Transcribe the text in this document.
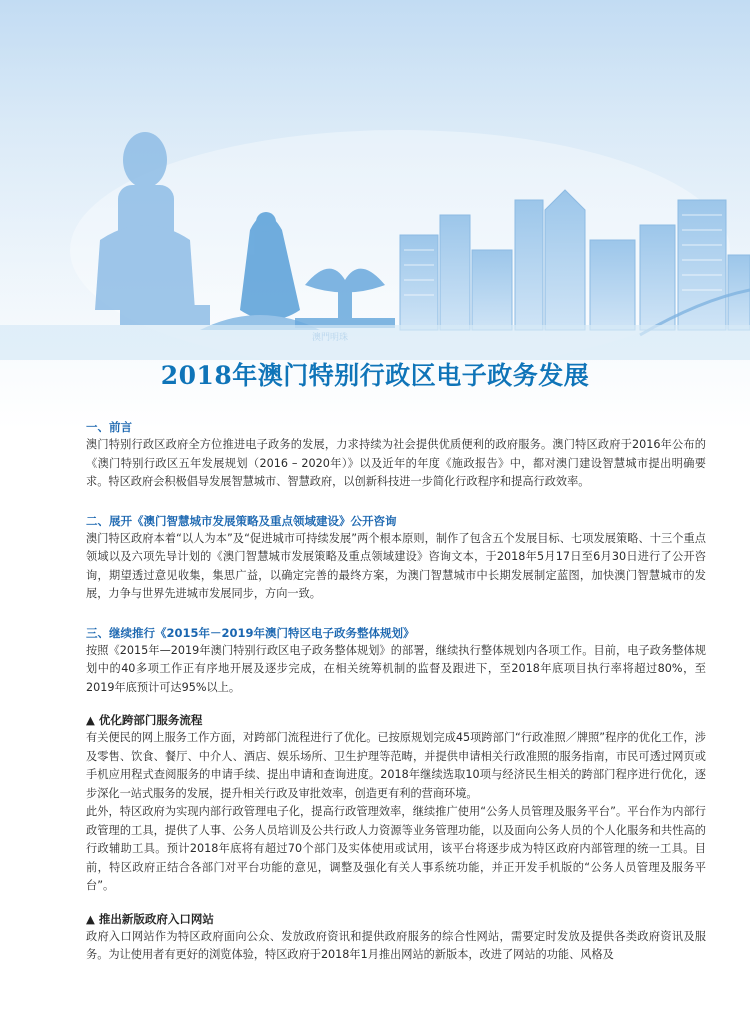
2018年澳门特别行政区电子政务发展

一、前言

澳门特别行政区政府全方位推进电子政务的发展，力求持续为社会提供优质便利的政府服务。澳门特区政府于2016年公布的《澳门特别行政区五年发展规划（2016 – 2020年）》以及近年的年度《施政报告》中，都对澳门建设智慧城市提出明确要求。特区政府会积极倡导发展智慧城市、智慧政府，以创新科技进一步简化行政程序和提高行政效率。

二、展开《澳门智慧城市发展策略及重点领域建设》公开咨询

澳门特区政府本着“以人为本”及“促进城市可持续发展”两个根本原则，制作了包含五个发展目标、七项发展策略、十三个重点领域以及六项先导计划的《澳门智慧城市发展策略及重点领域建设》咨询文本，于2018年5月17日至6月30日进行了公开咨询，期望透过意见收集，集思广益，以确定完善的最终方案，为澳门智慧城市中长期发展制定蓝图，加快澳门智慧城市的发展，力争与世界先进城市发展同步，方向一致。

三、继续推行《2015年－2019年澳门特区电子政务整体规划》

按照《2015年—2019年澳门特别行政区电子政务整体规划》的部署，继续执行整体规划内各项工作。目前，电子政务整体规划中的40多项工作正有序地开展及逐步完成，在相关统筹机制的监督及跟进下，至2018年底项目执行率将超过80%，至2019年底预计可达95%以上。

▲ 优化跨部门服务流程

有关便民的网上服务工作方面，对跨部门流程进行了优化。已按原规划完成45项跨部门“行政准照／牌照”程序的优化工作，涉及零售、饮食、餐厅、中介人、酒店、娱乐场所、卫生护理等范畴，并提供申请相关行政准照的服务指南，市民可透过网页或手机应用程式查阅服务的申请手续、提出申请和查询进度。2018年继续选取10项与经济民生相关的跨部门程序进行优化，逐步深化一站式服务的发展，提升相关行政及审批效率，创造更有利的营商环境。

此外，特区政府为实现内部行政管理电子化，提高行政管理效率，继续推广使用“公务人员管理及服务平台”。平台作为内部行政管理的工具，提供了人事、公务人员培训及公共行政人力资源等业务管理功能，以及面向公务人员的个人化服务和共性高的行政辅助工具。预计2018年底将有超过70个部门及实体使用或试用，该平台将逐步成为特区政府内部管理的统一工具。目前，特区政府正结合各部门对平台功能的意见，调整及强化有关人事系统功能，并正开发手机版的“公务人员管理及服务平台”。

▲ 推出新版政府入口网站

政府入口网站作为特区政府面向公众、发放政府资讯和提供政府服务的综合性网站，需要定时发放及提供各类政府资讯及服务。为让使用者有更好的浏览体验，特区政府于2018年1月推出网站的新版本，改进了网站的功能、风格及
